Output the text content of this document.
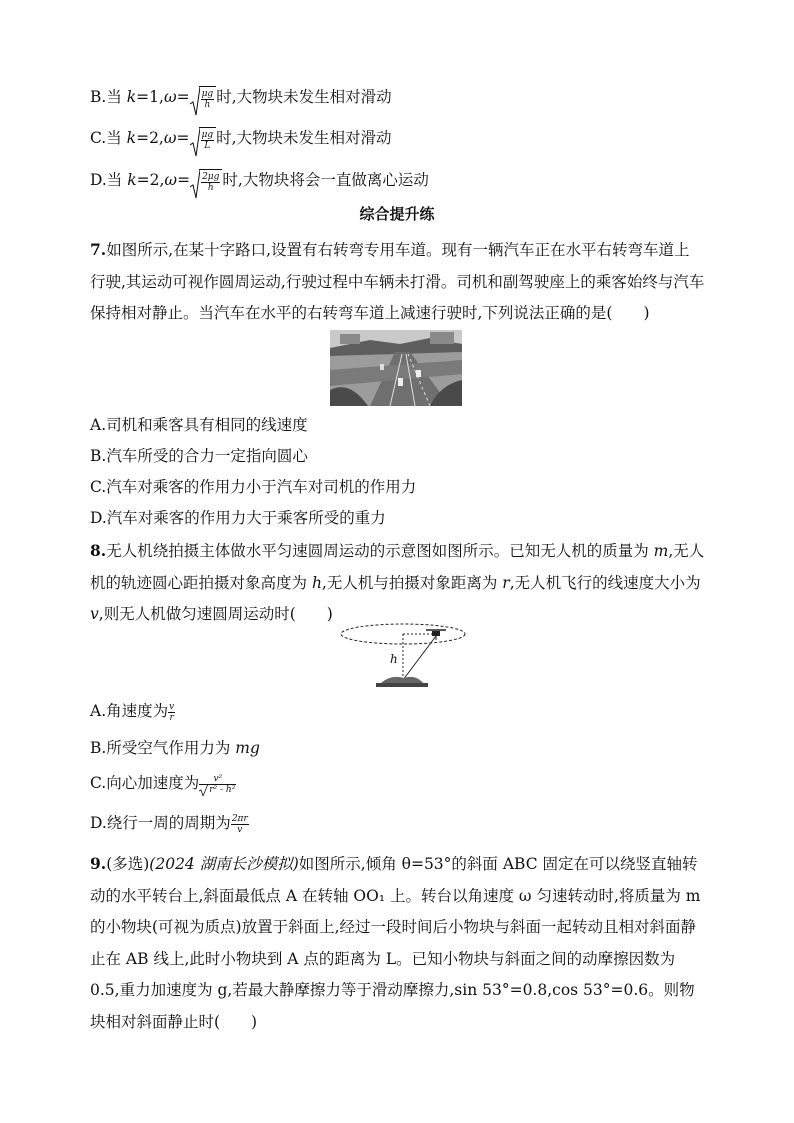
B.当 $k=1,\omega= \frac{\mu g}{h}$ 时,大物块未发生相对滑动
C.当 $k=2,\omega= \frac{\mu g}{L}$ 时,大物块未发生相对滑动
D.当 $k=2,\omega= \frac{2\mu g}{h}$ 时,大物块将会一直做离心运动
综合提升练
7.如图所示,在某十字路口,设置有右转弯专用车道。现有一辆汽车正在水平右转弯车道上行驶,其运动可视作圆周运动,行驶过程中车辆未打滑。司机和副驾驶座上的乘客始终与汽车保持相对静止。当汽车在水平的右转弯车道上减速行驶时,下列说法正确的是(　　)
A.司机和乘客具有相同的线速度
B.汽车所受的合力一定指向圆心
C.汽车对乘客的作用力小于汽车对司机的作用力
D.汽车对乘客的作用力大于乘客所受的重力
8.无人机绕拍摄主体做水平匀速圆周运动的示意图如图所示。已知无人机的质量为 m,无人机的轨迹圆心距拍摄对象高度为 h,无人机与拍摄对象距离为 r,无人机飞行的线速度大小为 v,则无人机做匀速圆周运动时(　　)
h
A.角速度为 $\frac{v}{r}$
B.所受空气作用力为 mg
C.向心加速度为 $\frac{\text{v²}}{\text{r² - h²}}$
D.绕行一周的周期为 $\frac{2\pi r}{v}$
9.(多选)(2024 湖南长沙模拟)如图所示,倾角 θ=53°的斜面 ABC 固定在可以绕竖直轴转动的水平转台上,斜面最低点 A 在转轴 OO₁ 上。转台以角速度 ω 匀速转动时,将质量为 m 的小物块(可视为质点)放置于斜面上,经过一段时间后小物块与斜面一起转动且相对斜面静止在 AB 线上,此时小物块到 A 点的距离为 L。已知小物块与斜面之间的动摩擦因数为 0.5,重力加速度为 g,若最大静摩擦力等于滑动摩擦力,sin 53°=0.8,cos 53°=0.6。则物块相对斜面静止时(　　)
